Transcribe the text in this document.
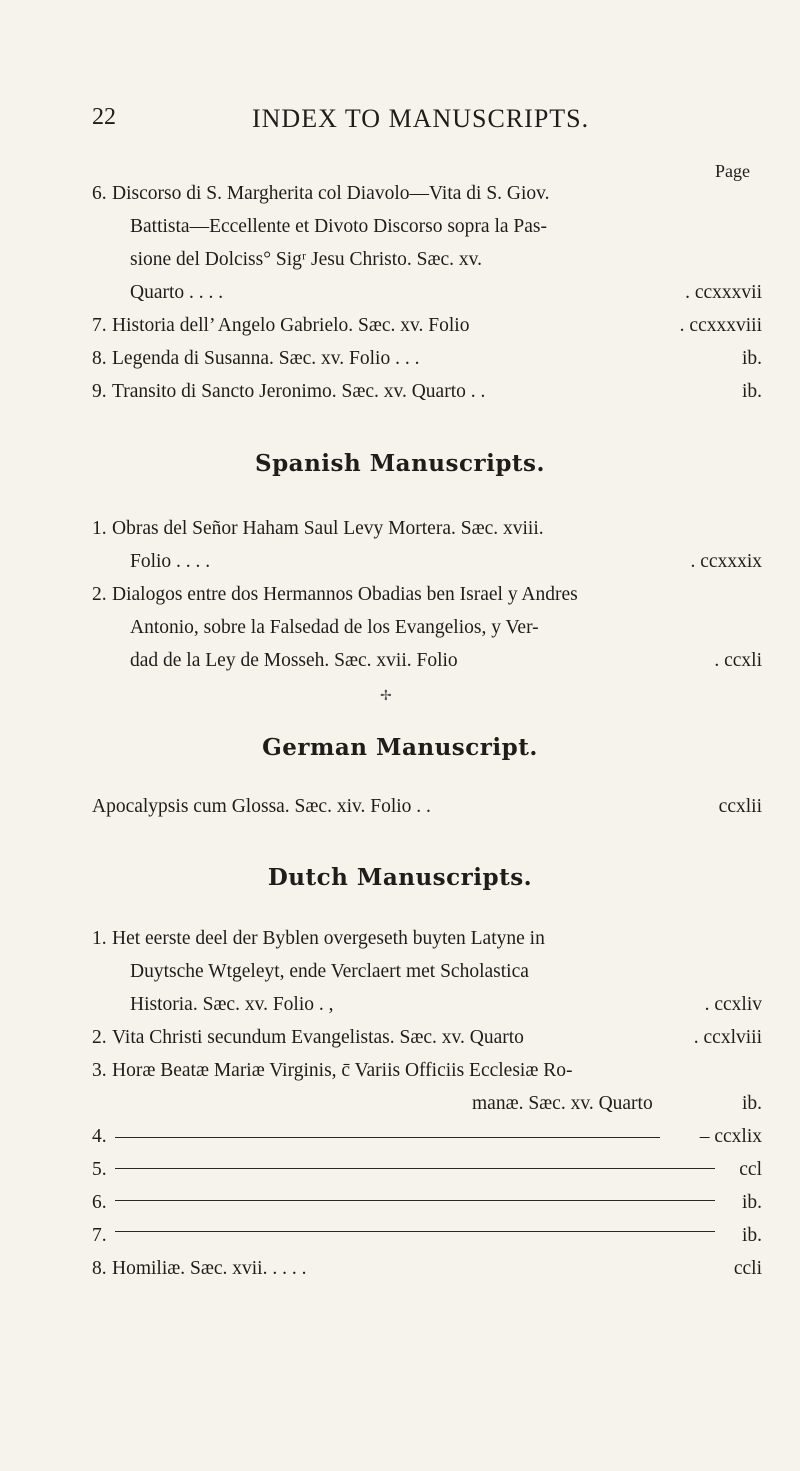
22	INDEX TO MANUSCRIPTS.
Page
6. Discorso di S. Margherita col Diavolo—Vita di S. Giov.
Battista—Eccellente et Divoto Discorso sopra la Pas-
sione del Dolciss° Sigʳ Jesu Christo. Sæc. xv.
Quarto . . . .	. ccxxxvii
7. Historia dell’ Angelo Gabrielo. Sæc. xv. Folio	. ccxxxviii
8. Legenda di Susanna. Sæc. xv. Folio . . .	ib.
9. Transito di Sancto Jeronimo. Sæc. xv. Quarto . .	ib.
Spanish Manuscripts.
1. Obras del Señor Haham Saul Levy Mortera. Sæc. xviii.
Folio . . . .	. ccxxxix
2. Dialogos entre dos Hermannos Obadias ben Israel y Andres
Antonio, sobre la Falsedad de los Evangelios, y Ver-
dad de la Ley de Mosseh. Sæc. xvii. Folio	. ccxli
✢
German Manuscript.
Apocalypsis cum Glossa. Sæc. xiv. Folio . .	ccxlii
Dutch Manuscripts.
1. Het eerste deel der Byblen overgeseth buyten Latyne in
Duytsche Wtgeleyt, ende Verclaert met Scholastica
Historia. Sæc. xv. Folio . ,	. ccxliv
2. Vita Christi secundum Evangelistas. Sæc. xv. Quarto	. ccxlviii
3. Horæ Beatæ Mariæ Virginis, c̄ Variis Officiis Ecclesiæ Ro-
manæ. Sæc. xv. Quarto	ib.
4.	– ccxlix
5.	ccl
6.	ib.
7.	ib.
8. Homiliæ. Sæc. xvii. . . . .	ccli
